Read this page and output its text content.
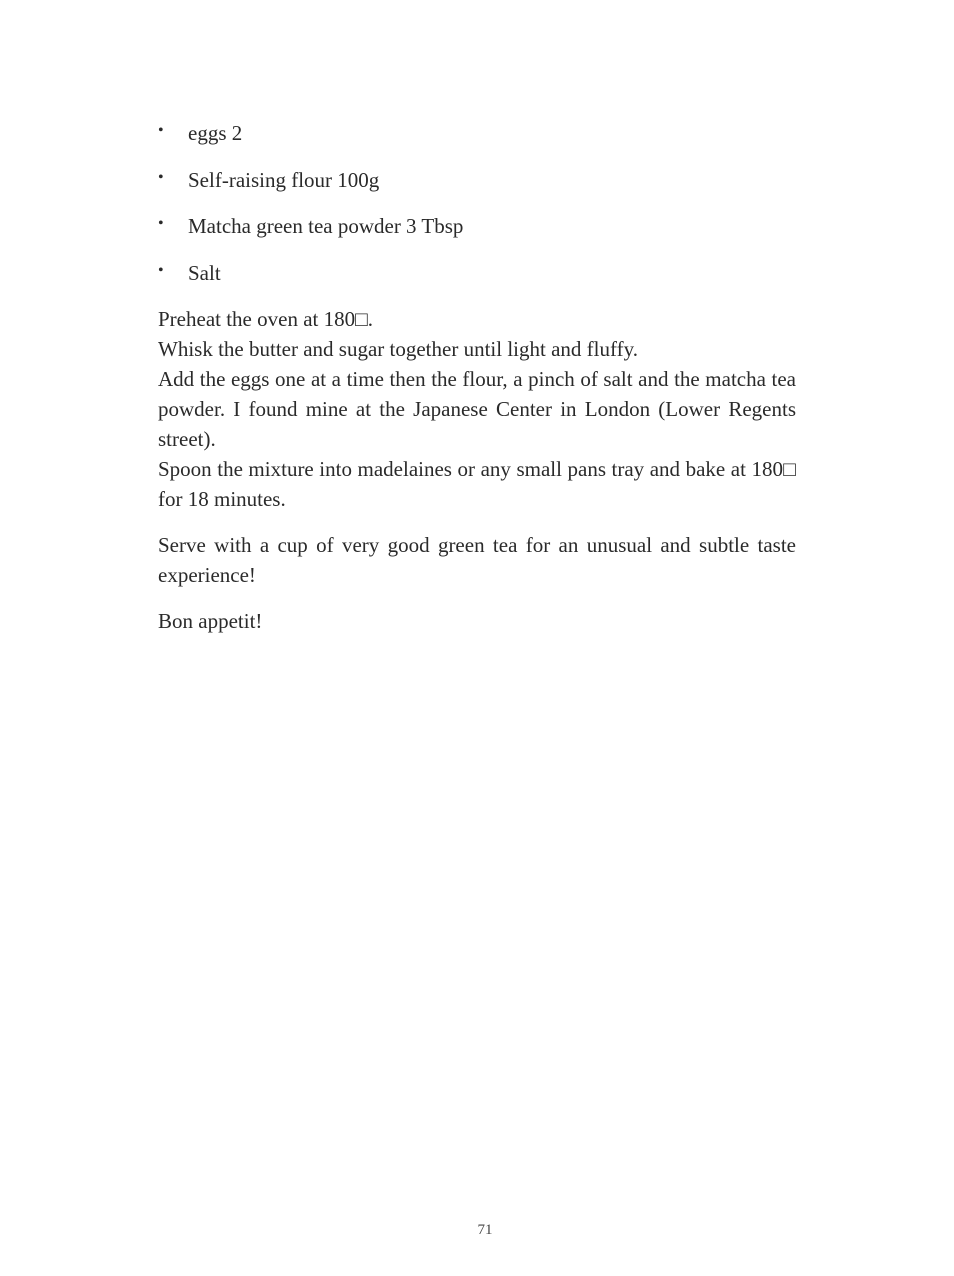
• eggs 2
• Self-raising flour 100g
• Matcha green tea powder 3 Tbsp
• Salt

Preheat the oven at 180□.
Whisk the butter and sugar together until light and fluffy.
Add the eggs one at a time then the flour, a pinch of salt and the matcha tea powder. I found mine at the Japanese Center in London (Lower Regents street).
Spoon the mixture into madelaines or any small pans tray and bake at 180□ for 18 minutes.

Serve with a cup of very good green tea for an unusual and subtle taste experience!

Bon appetit!

71
